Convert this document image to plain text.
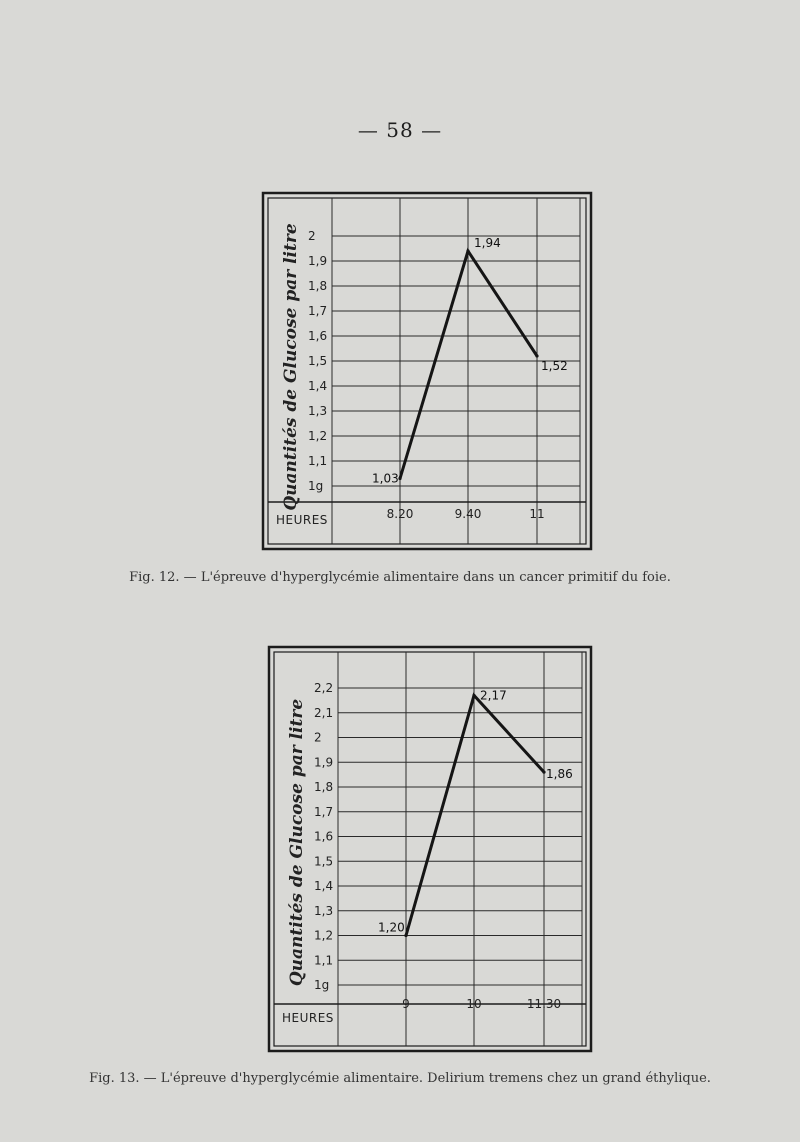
— 58 —
1g
1,1
1,2
1,3
1,4
1,5
1,6
1,7
1,8
1,9
2
8.20	9.40	11
HEURES
Quantités de Glucose par litre	1,03
1,94
1,52
Fig. 12. — L'épreuve d'hyperglycémie alimentaire dans un cancer primitif du foie.
1g
1,1
1,2
1,3
1,4
1,5
1,6
1,7
1,8
1,9
2
2,1
2,2
9	10	11.30
HEURES
Quantités de Glucose par litre	1,20
2,17
1,86
Fig. 13. — L'épreuve d'hyperglycémie alimentaire. Delirium tremens chez un grand éthylique.
